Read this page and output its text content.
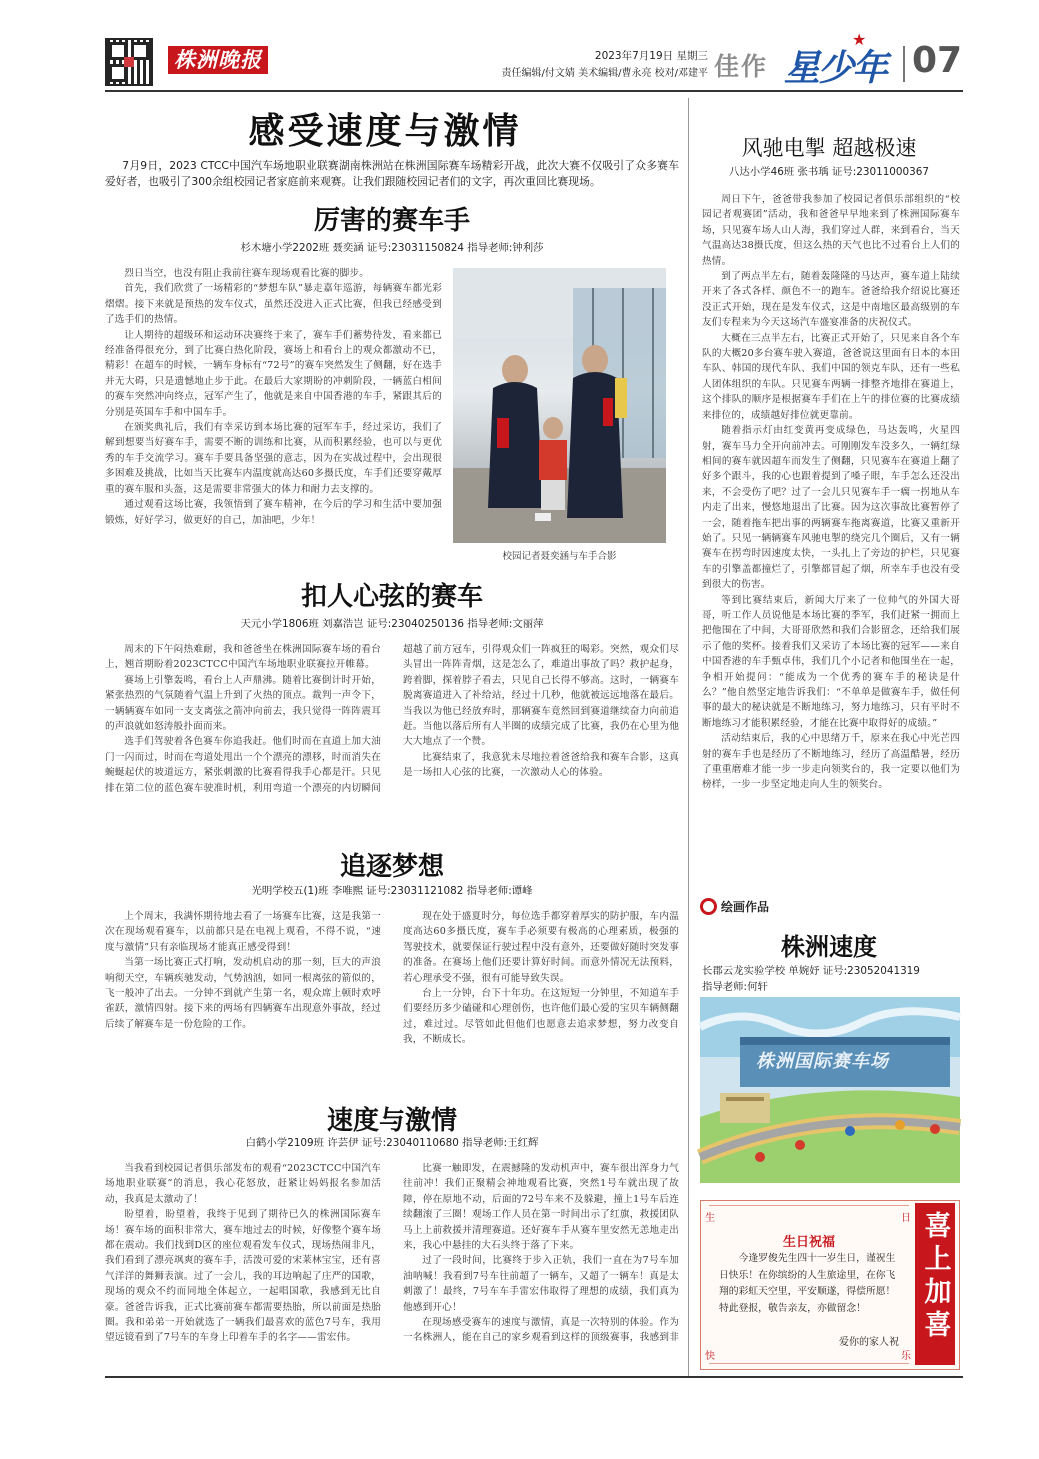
株洲晚报	2023年7月19日 星期三
责任编辑/付文婧 美术编辑/曹永亮 校对/邓建平 佳作 星少年
★
07
感受速度与激情
7月9日，2023 CTCC中国汽车场地职业联赛湖南株洲站在株洲国际赛车场精彩开战，此次大赛不仅吸引了众多赛车爱好者，也吸引了300余组校园记者家庭前来观赛。让我们跟随校园记者们的文字，再次重回比赛现场。
厉害的赛车手
杉木塘小学2202班 聂奕涵 证号:23031150824 指导老师:钟利莎

烈日当空，也没有阻止我前往赛车现场观看比赛的脚步。

首先，我们欣赏了一场精彩的“梦想车队”暴走嘉年巡游，每辆赛车都光彩熠熠。接下来就是预热的发车仪式，虽然还没进入正式比赛，但我已经感受到了选手们的热情。

让人期待的超级环和运动环决赛终于来了，赛车手们蓄势待发，看来都已经准备得很充分，到了比赛白热化阶段，赛场上和看台上的观众都激动不已，精彩！在超车的时候，一辆车身标有“72号”的赛车突然发生了侧翻，好在选手并无大碍，只是遗憾地止步于此。在最后大家期盼的冲刺阶段，一辆蓝白相间的赛车突然冲向终点，冠军产生了，他就是来自中国香港的车手，紧跟其后的分别是英国车手和中国车手。

在颁奖典礼后，我们有幸采访到本场比赛的冠军车手，经过采访，我们了解到想要当好赛车手，需要不断的训练和比赛，从而积累经验，也可以与更优秀的车手交流学习。赛车手要具备坚强的意志，因为在实战过程中，会出现很多困难及挑战，比如当天比赛车内温度就高达60多摄氏度，车手们还要穿戴厚重的赛车服和头盔，这是需要非常强大的体力和耐力去支撑的。

通过观看这场比赛，我领悟到了赛车精神，在今后的学习和生活中要加强锻炼，好好学习，做更好的自己，加油吧，少年！

校园记者聂奕涵与车手合影
扣人心弦的赛车
天元小学1806班 刘嘉浩岂 证号:23040250136 指导老师:文丽萍

周末的下午闷热难耐，我和爸爸坐在株洲国际赛车场的看台上，翘首期盼着2023CTCC中国汽车场地职业联赛拉开帷幕。

赛场上引擎轰鸣，看台上人声鼎沸。随着比赛倒计时开始，紧张热烈的气氛随着气温上升到了火热的顶点。裁判一声令下，一辆辆赛车如同一支支离弦之箭冲向前去，我只觉得一阵阵震耳的声浪就如怒涛般扑面而来。

选手们驾驶着各色赛车你追我赶。他们时而在直道上加大油门一闪而过，时而在弯道处甩出一个个漂亮的漂移，时而消失在蜿蜒起伏的坡道远方，紧张刺激的比赛看得我手心都是汗。只见排在第二位的蓝色赛车驶准时机，利用弯道一个漂亮的内切瞬间超越了前方冠车，引得观众们一阵疯狂的喝彩。突然，观众们尽头冒出一阵阵青烟，这是怎么了，难道出事故了吗？救护起身，跨着脚，探着脖子看去，只见自己长得不够高。这时，一辆赛车脱离赛道进入了补给站，经过十几秒，他就被远远地落在最后。当我以为他已经放弃时，那辆赛车竟然回到赛道继续奋力向前追赶。当他以落后所有人半圈的成绩完成了比赛，我仍在心里为他大大地点了一个赞。

比赛结束了，我意犹未尽地拉着爸爸给我和赛车合影，这真是一场扣人心弦的比赛，一次激动人心的体验。

追逐梦想
光明学校五(1)班 李唯熙 证号:23031121082 指导老师:谭峰

上个周末，我满怀期待地去看了一场赛车比赛，这是我第一次在现场观看赛车，以前都只是在电视上观看，不得不说，“速度与激情”只有亲临现场才能真正感受得到！

当第一场比赛正式打响，发动机启动的那一刻，巨大的声浪响彻天空，车辆疾驰发动，气势汹汹，如同一根离弦的箭似的，飞一般冲了出去。一分钟不到就产生第一名，观众席上顿时欢呼雀跃，激情四射。接下来的两场有四辆赛车出现意外事故，经过后续了解赛车是一份危险的工作。

现在处于盛夏时分，每位选手都穿着厚实的防护服，车内温度高达60多摄氏度，赛车手必须要有极高的心理素质，极强的驾驶技术，就要保证行驶过程中没有意外，还要做好随时突发事的准备。在赛场上他们还要计算好时间。而意外情况无法预料，若心理承受不强，很有可能导致失误。

台上一分钟，台下十年功。在这短短一分钟里，不知道车手们要经历多少磕碰和心理创伤，也许他们最心爱的宝贝车辆侧翻过，难过过。尽管如此但他们也愿意去追求梦想，努力改变自我，不断成长。

速度与激情
白鹤小学2109班 许芸伊 证号:23040110680 指导老师:王红辉

当我看到校园记者俱乐部发布的观看“2023CTCC中国汽车场地职业联赛”的消息，我心花怒放，赶紧让妈妈报名参加活动，我真是太激动了！

盼望着，盼望着，我终于见到了期待已久的株洲国际赛车场！赛车场的面积非常大，赛车地过去的时候，好像整个赛车场都在震动。我们找到D区的座位观看发车仪式，现场热闹非凡，我们看到了漂亮飒爽的赛车手，活泼可爱的宋莱林宝宝，还有喜气洋洋的舞狮表演。过了一会儿，我的耳边响起了庄严的国歌，现场的观众不约而同地全体起立，一起唱国歌，我感到无比自豪。爸爸告诉我，正式比赛前赛车都需要热胎，所以前面是热胎圈。我和弟弟一开始就选了一辆我们最喜欢的蓝色7号车，我用望远镜看到了7号车的车身上印着车手的名字——雷宏伟。

比赛一触即发，在震撼隆的发动机声中，赛车很出浑身力气往前冲！我们正聚精会神地观看比赛，突然1号车就出现了故障，停在原地不动，后面的72号车来不及躲避，撞上1号车后连续翻滚了三圈！观场工作人员在第一时间出示了红旗，救援团队马上上前救援并清理赛道。还好赛车手从赛车里安然无恙地走出来，我心中悬挂的大石头终于落了下来。

过了一段时间，比赛终于步入正轨，我们一直在为7号车加油呐喊！我看到7号车往前超了一辆车，又超了一辆车！真是太刺激了！最终，7号车车手雷宏伟取得了理想的成绩，我们真为他感到开心！

在现场感受赛车的速度与激情，真是一次特别的体验。作为一名株洲人，能在自己的家乡观看到这样的顶级赛事，我感到非

风驰电掣 超越极速
八达小学46班 张书瑀 证号:23011000367

周日下午，爸爸带我参加了校园记者俱乐部组织的“校园记者观赛团”活动，我和爸爸早早地来到了株洲国际赛车场，只见赛车场人山人海，我们穿过人群，来到看台，当天气温高达38摄氏度，但这么热的天气也比不过看台上人们的热情。

到了两点半左右，随着轰隆隆的马达声，赛车道上陆续开来了各式各样、颜色不一的跑车。爸爸给我介绍说比赛还没正式开始，现在是发车仪式，这是中南地区最高级别的车友们专程来为今天这场汽车盛宴准备的庆祝仪式。

大概在三点半左右，比赛正式开始了，只见来自各个车队的大概20多台赛车驶入赛道，爸爸说这里面有日本的本田车队、韩国的现代车队、我们中国的领克车队，还有一些私人团体组织的车队。只见赛车两辆一排整齐地排在赛道上，这个排队的顺序是根据赛车手们在上午的排位赛的比赛成绩来排位的，成绩越好排位就更靠前。

随着指示灯由红变黄再变成绿色，马达轰鸣，火星四射，赛车马力全开向前冲去。可刚刚发车没多久，一辆红绿相间的赛车就因超车而发生了侧翻，只见赛车在赛道上翻了好多个跟斗，我的心也跟着提到了嗓子眼，车手怎么还没出来，不会受伤了吧？过了一会儿只见赛车手一瘸一拐地从车内走了出来，慢悠地退出了比赛。因为这次事故比赛暂停了一会，随着拖车把出事的两辆赛车拖离赛道，比赛又重新开始了。只见一辆辆赛车风驰电掣的绕完几个圈后，又有一辆赛车在拐弯时因速度太快，一头扎上了旁边的护栏，只见赛车的引擎盖都撞烂了，引擎都冒起了烟，所幸车手也没有受到很大的伤害。

等到比赛结束后，新闻大厅来了一位帅气的外国大哥哥，听工作人员说他是本场比赛的季军，我们赶紧一拥而上把他围在了中间，大哥哥欣然和我们合影留念，还给我们展示了他的奖杯。接着我们又采访了本场比赛的冠军——来自中国香港的车手甄卓伟，我们几个小记者和他围坐在一起，争相开始提问：“能成为一个优秀的赛车手的秘诀是什么？”他自然坚定地告诉我们：“不单单是做赛车手，做任何事的最大的秘诀就是不断地练习，努力地练习，只有平时不断地练习才能积累经验，才能在比赛中取得好的成绩。”

活动结束后，我的心中思绪万千，原来在我心中光芒四射的赛车手也是经历了不断地练习，经历了高温酷暑，经历了重重磨难才能一步一步走向领奖台的，我一定要以他们为榜样，一步一步坚定地走向人生的领奖台。

绘画作品
株洲速度
长郡云龙实验学校 单婉妤 证号:23052041319
指导老师:何轩
株洲国际赛车场
生	日
快	乐
生日祝福
今逢罗俊先生四十一岁生日，谨祝生日快乐！在你缤纷的人生旅途里，在你飞翔的彩虹天空里，平安顺遂，得偿所愿！特此登报，敬告亲友，亦做留念！
爱你的家人祝 喜上加喜
